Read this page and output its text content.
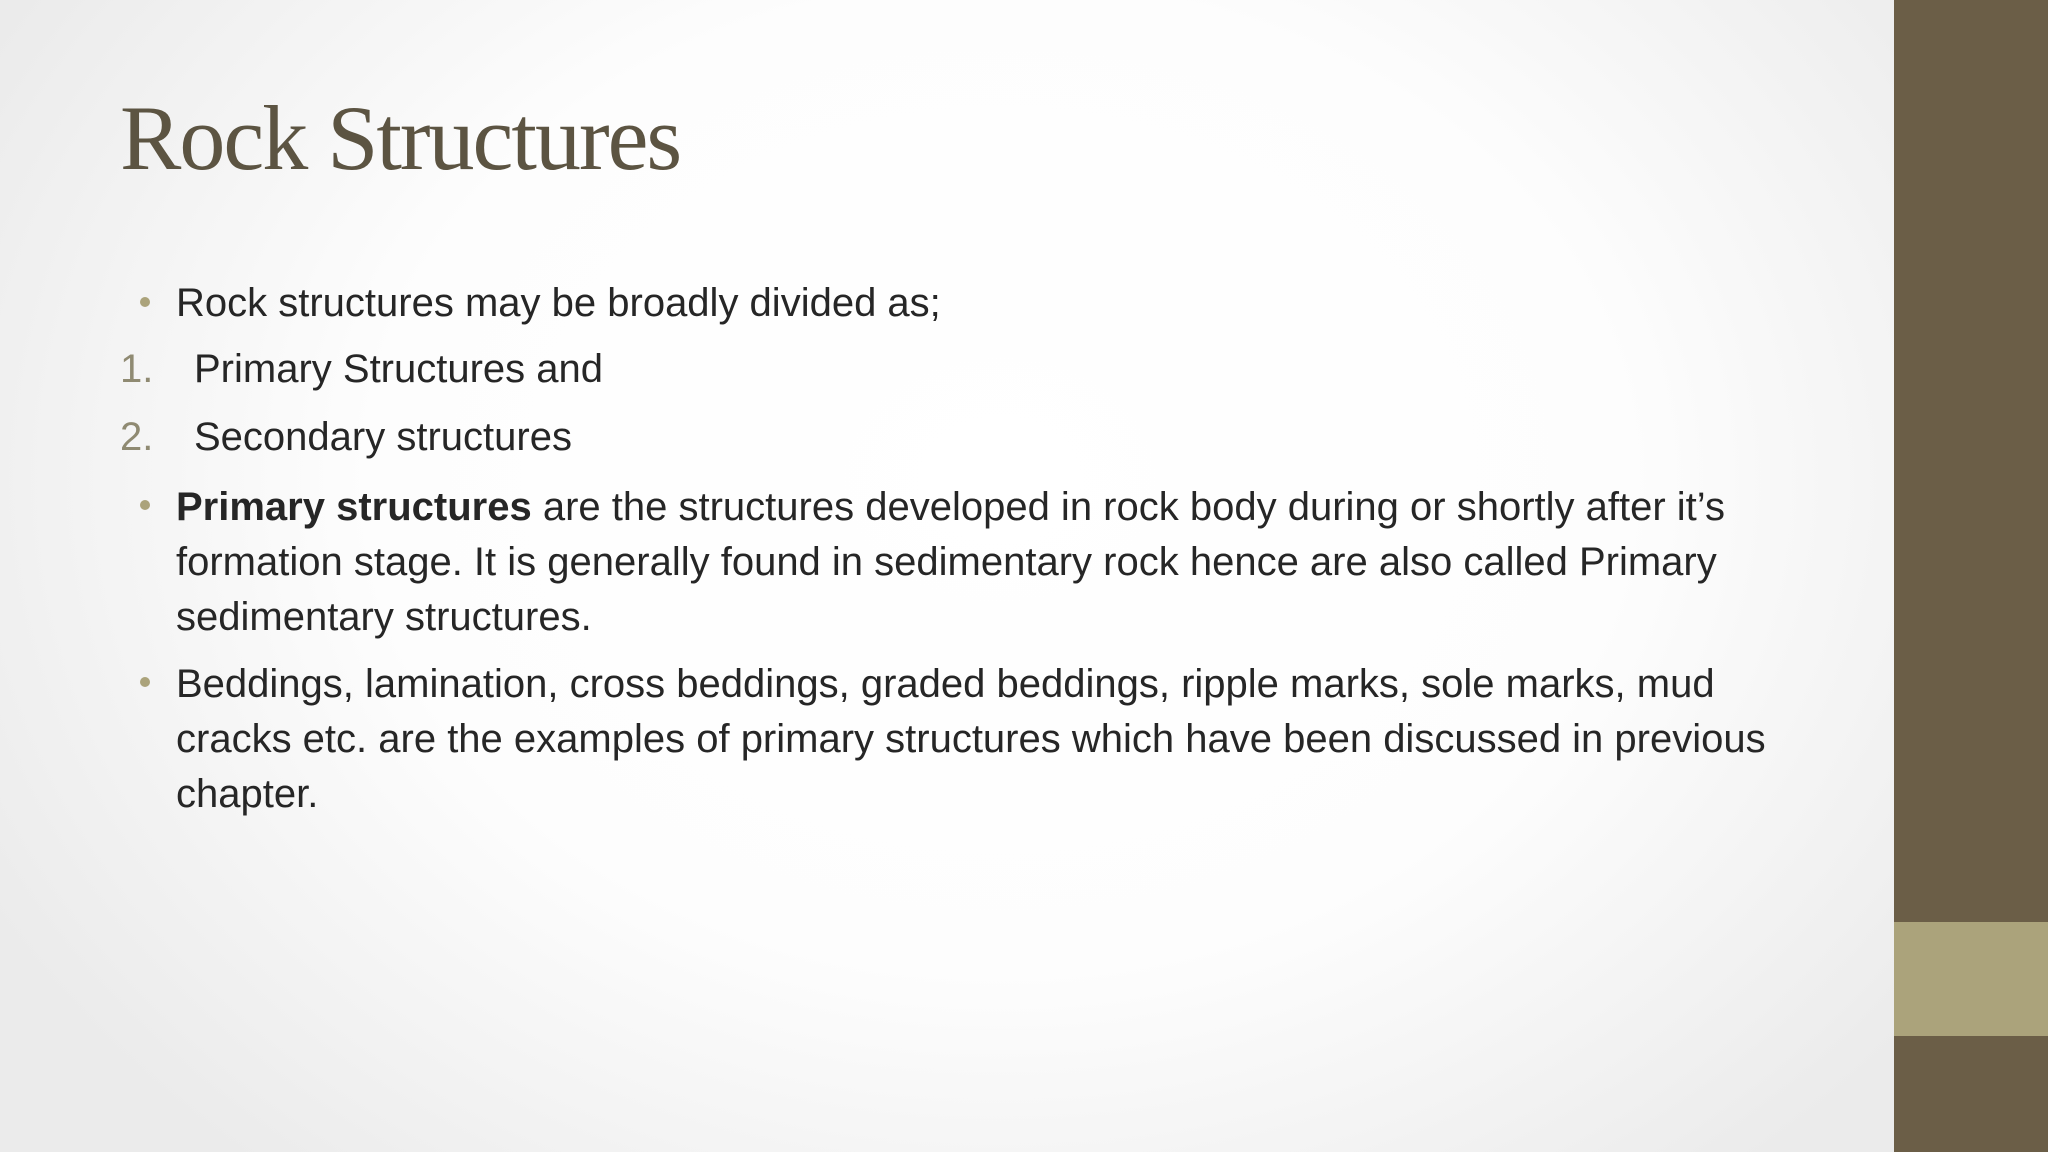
Rock Structures
Rock structures may be broadly divided as;
1. Primary Structures and
2. Secondary structures
Primary structures are the structures developed in rock body during or shortly after it’s formation stage. It is generally found in sedimentary rock hence are also called Primary sedimentary structures.
Beddings, lamination, cross beddings, graded beddings, ripple marks, sole marks, mud cracks etc. are the examples of primary structures which have been discussed in previous chapter.
